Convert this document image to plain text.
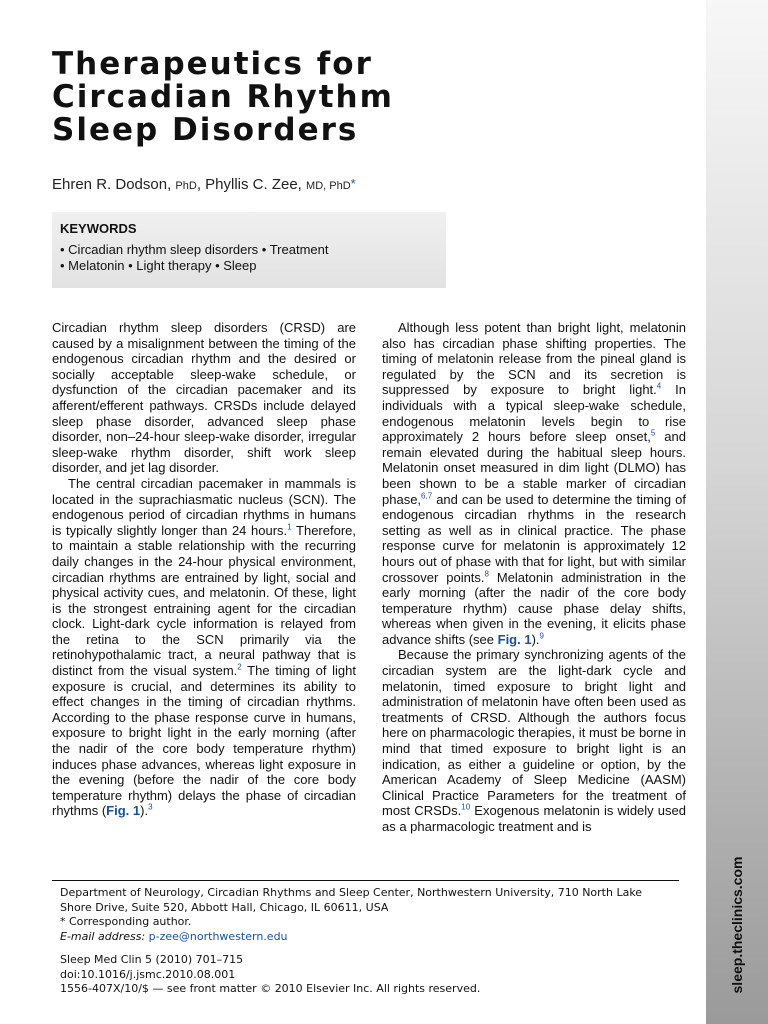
Therapeutics for
Circadian Rhythm
Sleep Disorders
Ehren R. Dodson, PhD, Phyllis C. Zee, MD, PhD*
KEYWORDS
• Circadian rhythm sleep disorders • Treatment
• Melatonin • Light therapy • Sleep

Circadian rhythm sleep disorders (CRSD) are caused by a misalignment between the timing of the endogenous circadian rhythm and the desired or socially acceptable sleep-wake schedule, or dysfunction of the circadian pacemaker and its afferent/efferent pathways. CRSDs include delayed sleep phase disorder, advanced sleep phase disorder, non‒24-hour sleep-wake disorder, irregular sleep-wake rhythm disorder, shift work sleep disorder, and jet lag disorder.

The central circadian pacemaker in mammals is located in the suprachiasmatic nucleus (SCN). The endogenous period of circadian rhythms in humans is typically slightly longer than 24 hours.$^1$ Therefore, to maintain a stable relationship with the recurring daily changes in the 24-hour physical environment, circadian rhythms are entrained by light, social and physical activity cues, and melatonin. Of these, light is the strongest entraining agent for the circadian clock. Light-dark cycle information is relayed from the retina to the SCN primarily via the retinohypothalamic tract, a neural pathway that is distinct from the visual system.$^2$ The timing of light exposure is crucial, and determines its ability to effect changes in the timing of circadian rhythms. According to the phase response curve in humans, exposure to bright light in the early morning (after the nadir of the core body temperature rhythm) induces phase advances, whereas light exposure in the evening (before the nadir of the core body temperature rhythm) delays the phase of circadian rhythms (Fig. 1).$^3$

Although less potent than bright light, melatonin also has circadian phase shifting properties. The timing of melatonin release from the pineal gland is regulated by the SCN and its secretion is suppressed by exposure to bright light.$^4$ In individuals with a typical sleep-wake schedule, endogenous melatonin levels begin to rise approximately 2 hours before sleep onset,$^5$ and remain elevated during the habitual sleep hours. Melatonin onset measured in dim light (DLMO) has been shown to be a stable marker of circadian phase,$^{6,7}$ and can be used to determine the timing of endogenous circadian rhythms in the research setting as well as in clinical practice. The phase response curve for melatonin is approximately 12 hours out of phase with that for light, but with similar crossover points.$^8$ Melatonin administration in the early morning (after the nadir of the core body temperature rhythm) cause phase delay shifts, whereas when given in the evening, it elicits phase advance shifts (see Fig. 1).$^9$

Because the primary synchronizing agents of the circadian system are the light-dark cycle and melatonin, timed exposure to bright light and administration of melatonin have often been used as treatments of CRSD. Although the authors focus here on pharmacologic therapies, it must be borne in mind that timed exposure to bright light is an indication, as either a guideline or option, by the American Academy of Sleep Medicine (AASM) Clinical Practice Parameters for the treatment of most CRSDs.$^{10}$ Exogenous melatonin is widely used as a pharmacologic treatment and is

Department of Neurology, Circadian Rhythms and Sleep Center, Northwestern University, 710 North Lake
Shore Drive, Suite 520, Abbott Hall, Chicago, IL 60611, USA
* Corresponding author.
E-mail address: p-zee@northwestern.edu
Sleep Med Clin 5 (2010) 701–715
doi:10.1016/j.jsmc.2010.08.001
1556-407X/10/$ — see front matter © 2010 Elsevier Inc. All rights reserved.	sleep.theclinics.com
